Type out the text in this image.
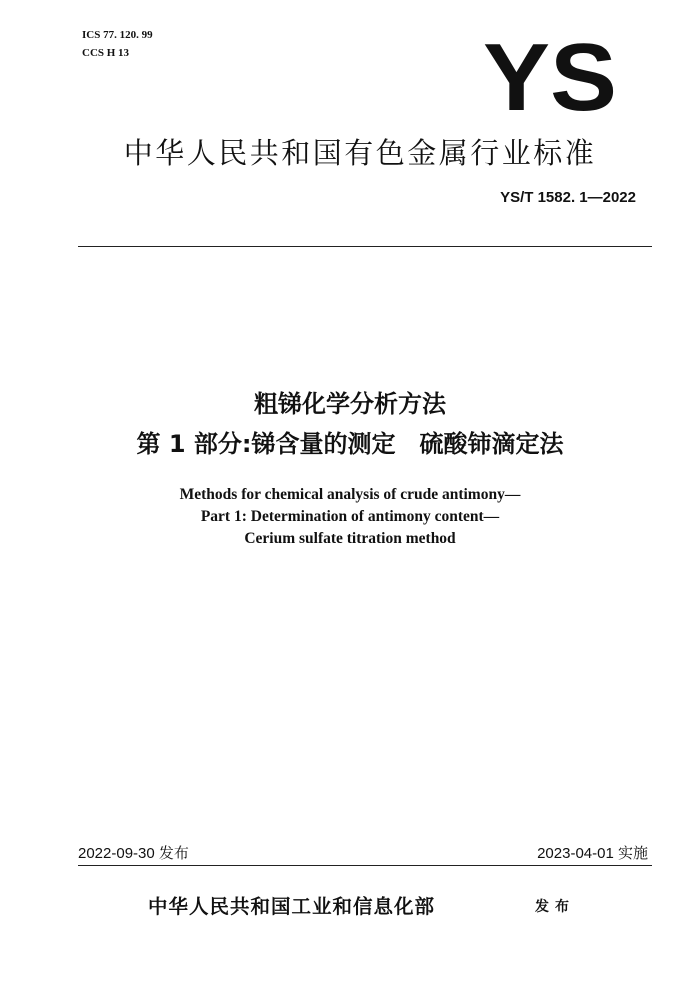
ICS 77. 120. 99
CCS H 13	YS
中华人民共和国有色金属行业标准
YS/T 1582. 1—2022
粗锑化学分析方法
第 1 部分:锑含量的测定　硫酸铈滴定法
Methods for chemical analysis of crude antimony—
Part 1: Determination of antimony content—
Cerium sulfate titration method
2022-09-30 发布	2023-04-01 实施
中华人民共和国工业和信息化部	发布
